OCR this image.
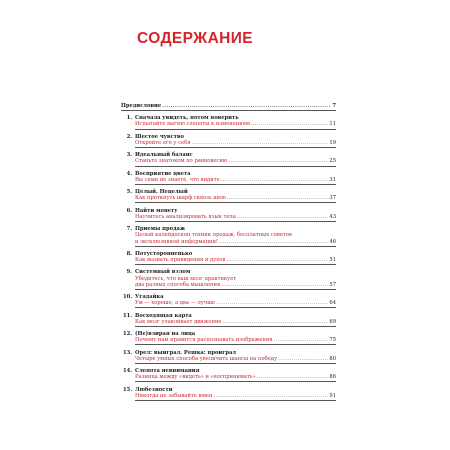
СОДЕРЖАНИЕ
Предисловие .....	7
1. Сначала увидеть, потом поверить
Испытайте магию слепоты к изменениям .....	11
2. Шестое чувство
Откройте его у себя .....	19
3. Идеальный баланс
Станьте знатоком по равновесию .....	25
4. Восприятие цвета
Вы сами не знаете, что видите .....	31
5. Целый. Нецелый
Как проткнуть шарф сквозь шею .....	37
6. Найти монету
Научитесь анализировать язык тела .....	43
7. Приемы продаж
Целый калейдоскоп техник продаж, бесплатных советов
и эксклюзивной информации! .....	46
8. Потусторонненько
Как вызвать привидения и духов .....	51
9. Системный взлом
Убедитесь, что ваш мозг практикует
два разных способа мышления .....	57
10. Угадайка
Ум — хорошо, а два — лучше .....	64
11. Восходящая карта
Как мозг улавливает движение .....	69
12. (Не)взирая на лица
Почему нам нравится распознавать изображения .....	75
13. Орел: выиграл. Решка: проиграл
Четыре умных способа увеличить шансы на победу .....	80
14. Слепота невнимания
Разница между «видеть» и «воспринимать» .....	86
15. Любезности
Никогда не забывайте имен .....	91
